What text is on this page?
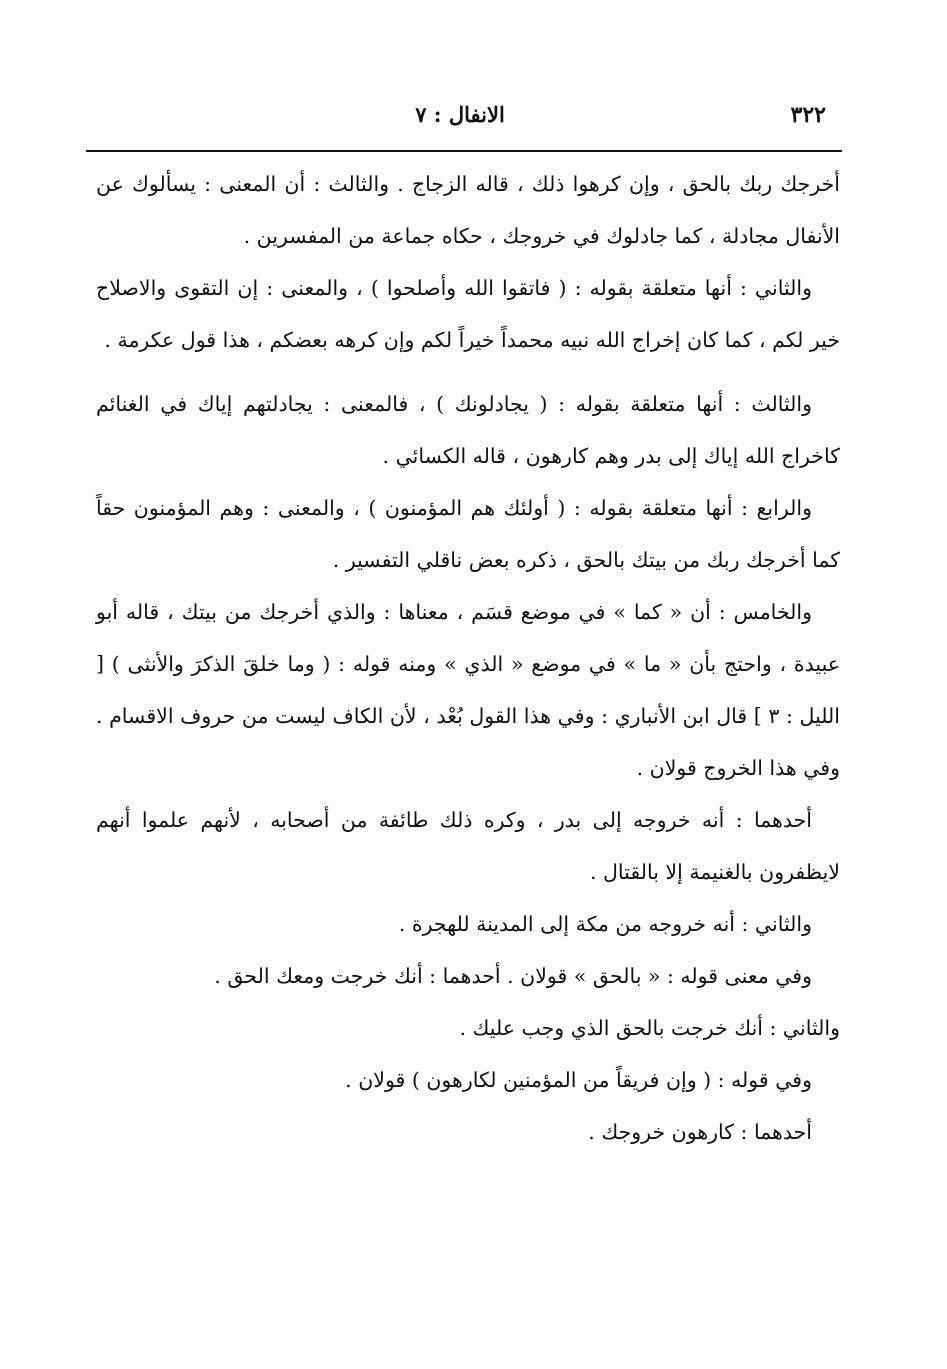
٣٢٢
الانفال : ٧

أخرجك ربك بالحق ، وإن كرهوا ذلك ، قاله الزجاج . والثالث : أن المعنى : يسألوك عن الأنفال مجادلة ، كما جادلوك في خروجك ، حكاه جماعة من المفسرين .

والثاني : أنها متعلقة بقوله : ( فاتقوا الله وأصلحوا ) ، والمعنى : إن التقوى والاصلاح خير لكم ، كما كان إخراج الله نبيه محمداً خيراً لكم وإن كرهه بعضكم ، هذا قول عكرمة .

والثالث : أنها متعلقة بقوله : ( يجادلونك ) ، فالمعنى : يجادلتهم إياك في الغنائم كاخراج الله إياك إلى بدر وهم كارهون ، قاله الكسائي .

والرابع : أنها متعلقة بقوله : ( أولئك هم المؤمنون ) ، والمعنى : وهم المؤمنون حقاً كما أخرجك ربك من بيتك بالحق ، ذكره بعض ناقلي التفسير .

والخامس : أن « كما » في موضع قسَم ، معناها : والذي أخرجك من بيتك ، قاله أبو عبيدة ، واحتج بأن « ما » في موضع « الذي » ومنه قوله : ( وما خلقَ الذكرَ والأنثى ) [ الليل : ٣ ] قال ابن الأنباري : وفي هذا القول بُعْد ، لأن الكاف ليست من حروف الاقسام . وفي هذا الخروج قولان .

أحدهما : أنه خروجه إلى بدر ، وكره ذلك طائفة من أصحابه ، لأنهم علموا أنهم لايظفرون بالغنيمة إلا بالقتال .

والثاني : أنه خروجه من مكة إلى المدينة للهجرة .

وفي معنى قوله : « بالحق » قولان . أحدهما : أنك خرجت ومعك الحق .

والثاني : أنك خرجت بالحق الذي وجب عليك .

وفي قوله : ( وإن فريقاً من المؤمنين لكارهون ) قولان .

أحدهما : كارهون خروجك .
